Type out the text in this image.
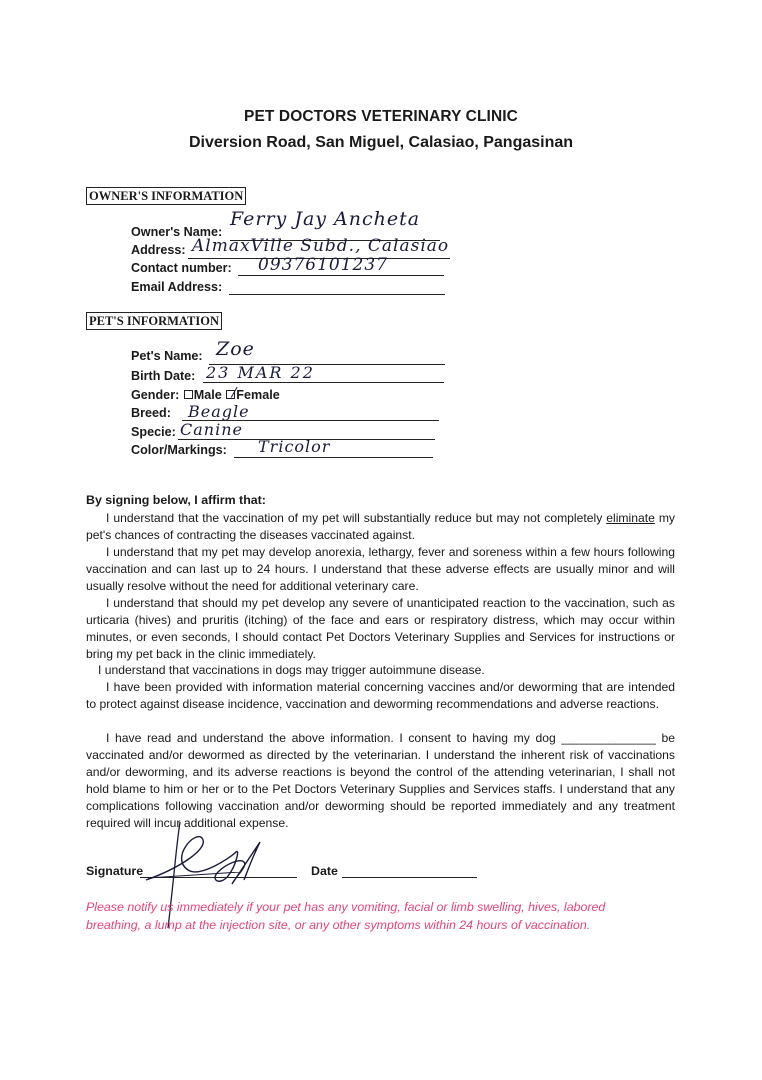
PET DOCTORS VETERINARY CLINIC
Diversion Road, San Miguel, Calasiao, Pangasinan
OWNER'S INFORMATION
Owner's Name:
Ferry Jay Ancheta
Address: AlmaxVille Subd., Calasiao
Contact number: 09376101237
Email Address:
PET'S INFORMATION
Pet's Name: Zoe
Birth Date: 23 MAR 22
Gender: Male Female
Breed: Beagle
Specie: Canine
Color/Markings: Tricolor
By signing below, I affirm that:

I understand that the vaccination of my pet will substantially reduce but may not completely eliminate my pet's chances of contracting the diseases vaccinated against.

I understand that my pet may develop anorexia, lethargy, fever and soreness within a few hours following vaccination and can last up to 24 hours. I understand that these adverse effects are usually minor and will usually resolve without the need for additional veterinary care.

I understand that should my pet develop any severe of unanticipated reaction to the vaccination, such as urticaria (hives) and pruritis (itching) of the face and ears or respiratory distress, which may occur within minutes, or even seconds, I should contact Pet Doctors Veterinary Supplies and Services for instructions or bring my pet back in the clinic immediately.

I understand that vaccinations in dogs may trigger autoimmune disease.

I have been provided with information material concerning vaccines and/or deworming that are intended to protect against disease incidence, vaccination and deworming recommendations and adverse reactions.

I have read and understand the above information. I consent to having my dog ______________ be vaccinated and/or dewormed as directed by the veterinarian. I understand the inherent risk of vaccinations and/or deworming, and its adverse reactions is beyond the control of the attending veterinarian, I shall not hold blame to him or her or to the Pet Doctors Veterinary Supplies and Services staffs. I understand that any complications following vaccination and/or deworming should be reported immediately and any treatment required will incur additional expense.

Signature	Date
Please notify us immediately if your pet has any vomiting, facial or limb swelling, hives, labored breathing, a lump at the injection site, or any other symptoms within 24 hours of vaccination.
